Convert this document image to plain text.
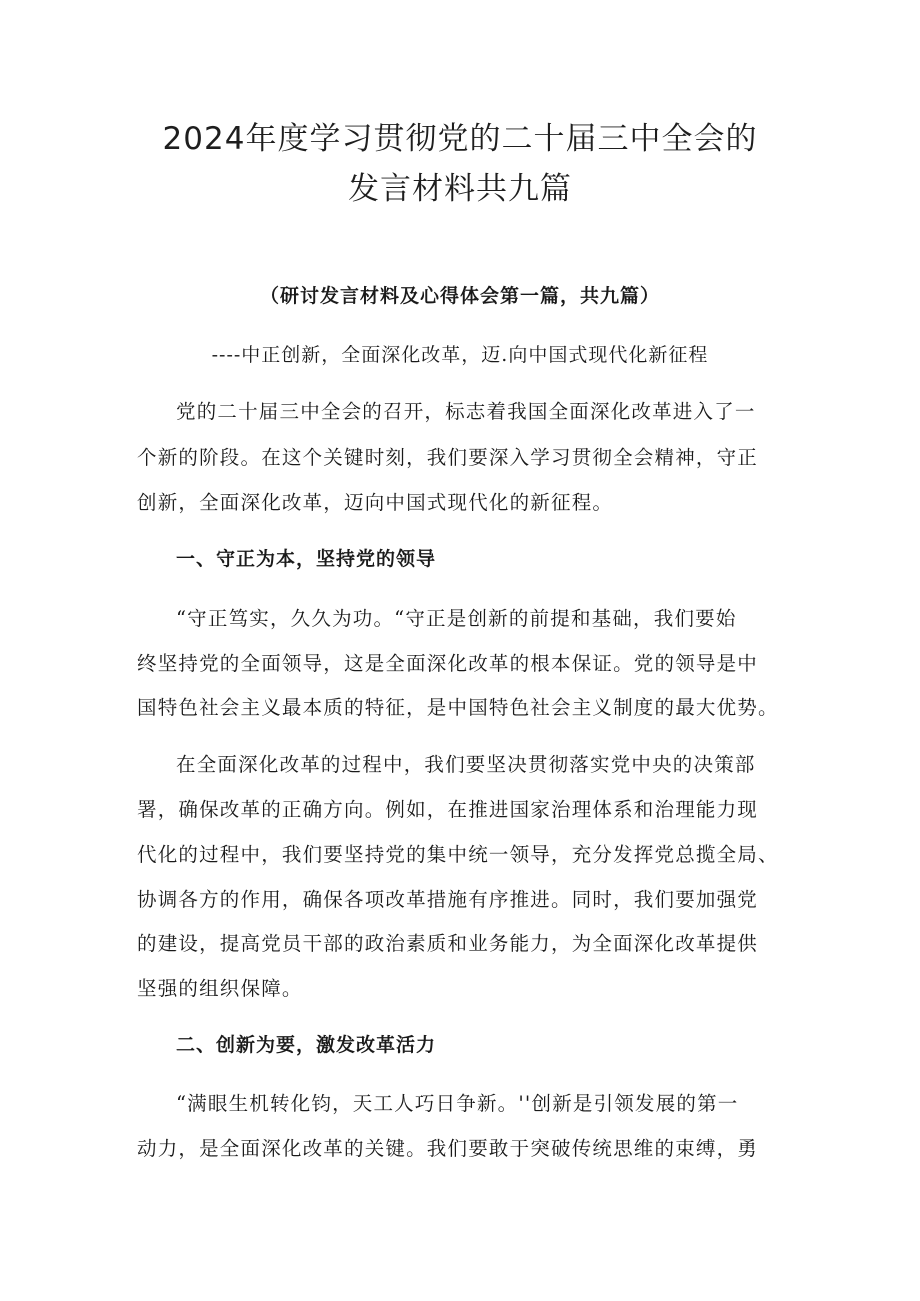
2024年度学习贯彻党的二十届三中全会的
发言材料共九篇
（研讨发言材料及心得体会第一篇，共九篇）
----中正创新，全面深化改革，迈.向中国式现代化新征程
党的二十届三中全会的召开，标志着我国全面深化改革进入了一
个新的阶段。在这个关键时刻，我们要深入学习贯彻全会精神，守正
创新，全面深化改革，迈向中国式现代化的新征程。
一、守正为本，坚持党的领导
“守正笃实，久久为功。“守正是创新的前提和基础，我们要始
终坚持党的全面领导，这是全面深化改革的根本保证。党的领导是中
国特色社会主义最本质的特征，是中国特色社会主义制度的最大优势。
在全面深化改革的过程中，我们要坚决贯彻落实党中央的决策部
署，确保改革的正确方向。例如，在推进国家治理体系和治理能力现
代化的过程中，我们要坚持党的集中统一领导，充分发挥党总揽全局、
协调各方的作用，确保各项改革措施有序推进。同时，我们要加强党
的建设，提高党员干部的政治素质和业务能力，为全面深化改革提供
坚强的组织保障。
二、创新为要，激发改革活力
“满眼生机转化钧，天工人巧日争新。''创新是引领发展的第一
动力，是全面深化改革的关键。我们要敢于突破传统思维的束缚，勇
